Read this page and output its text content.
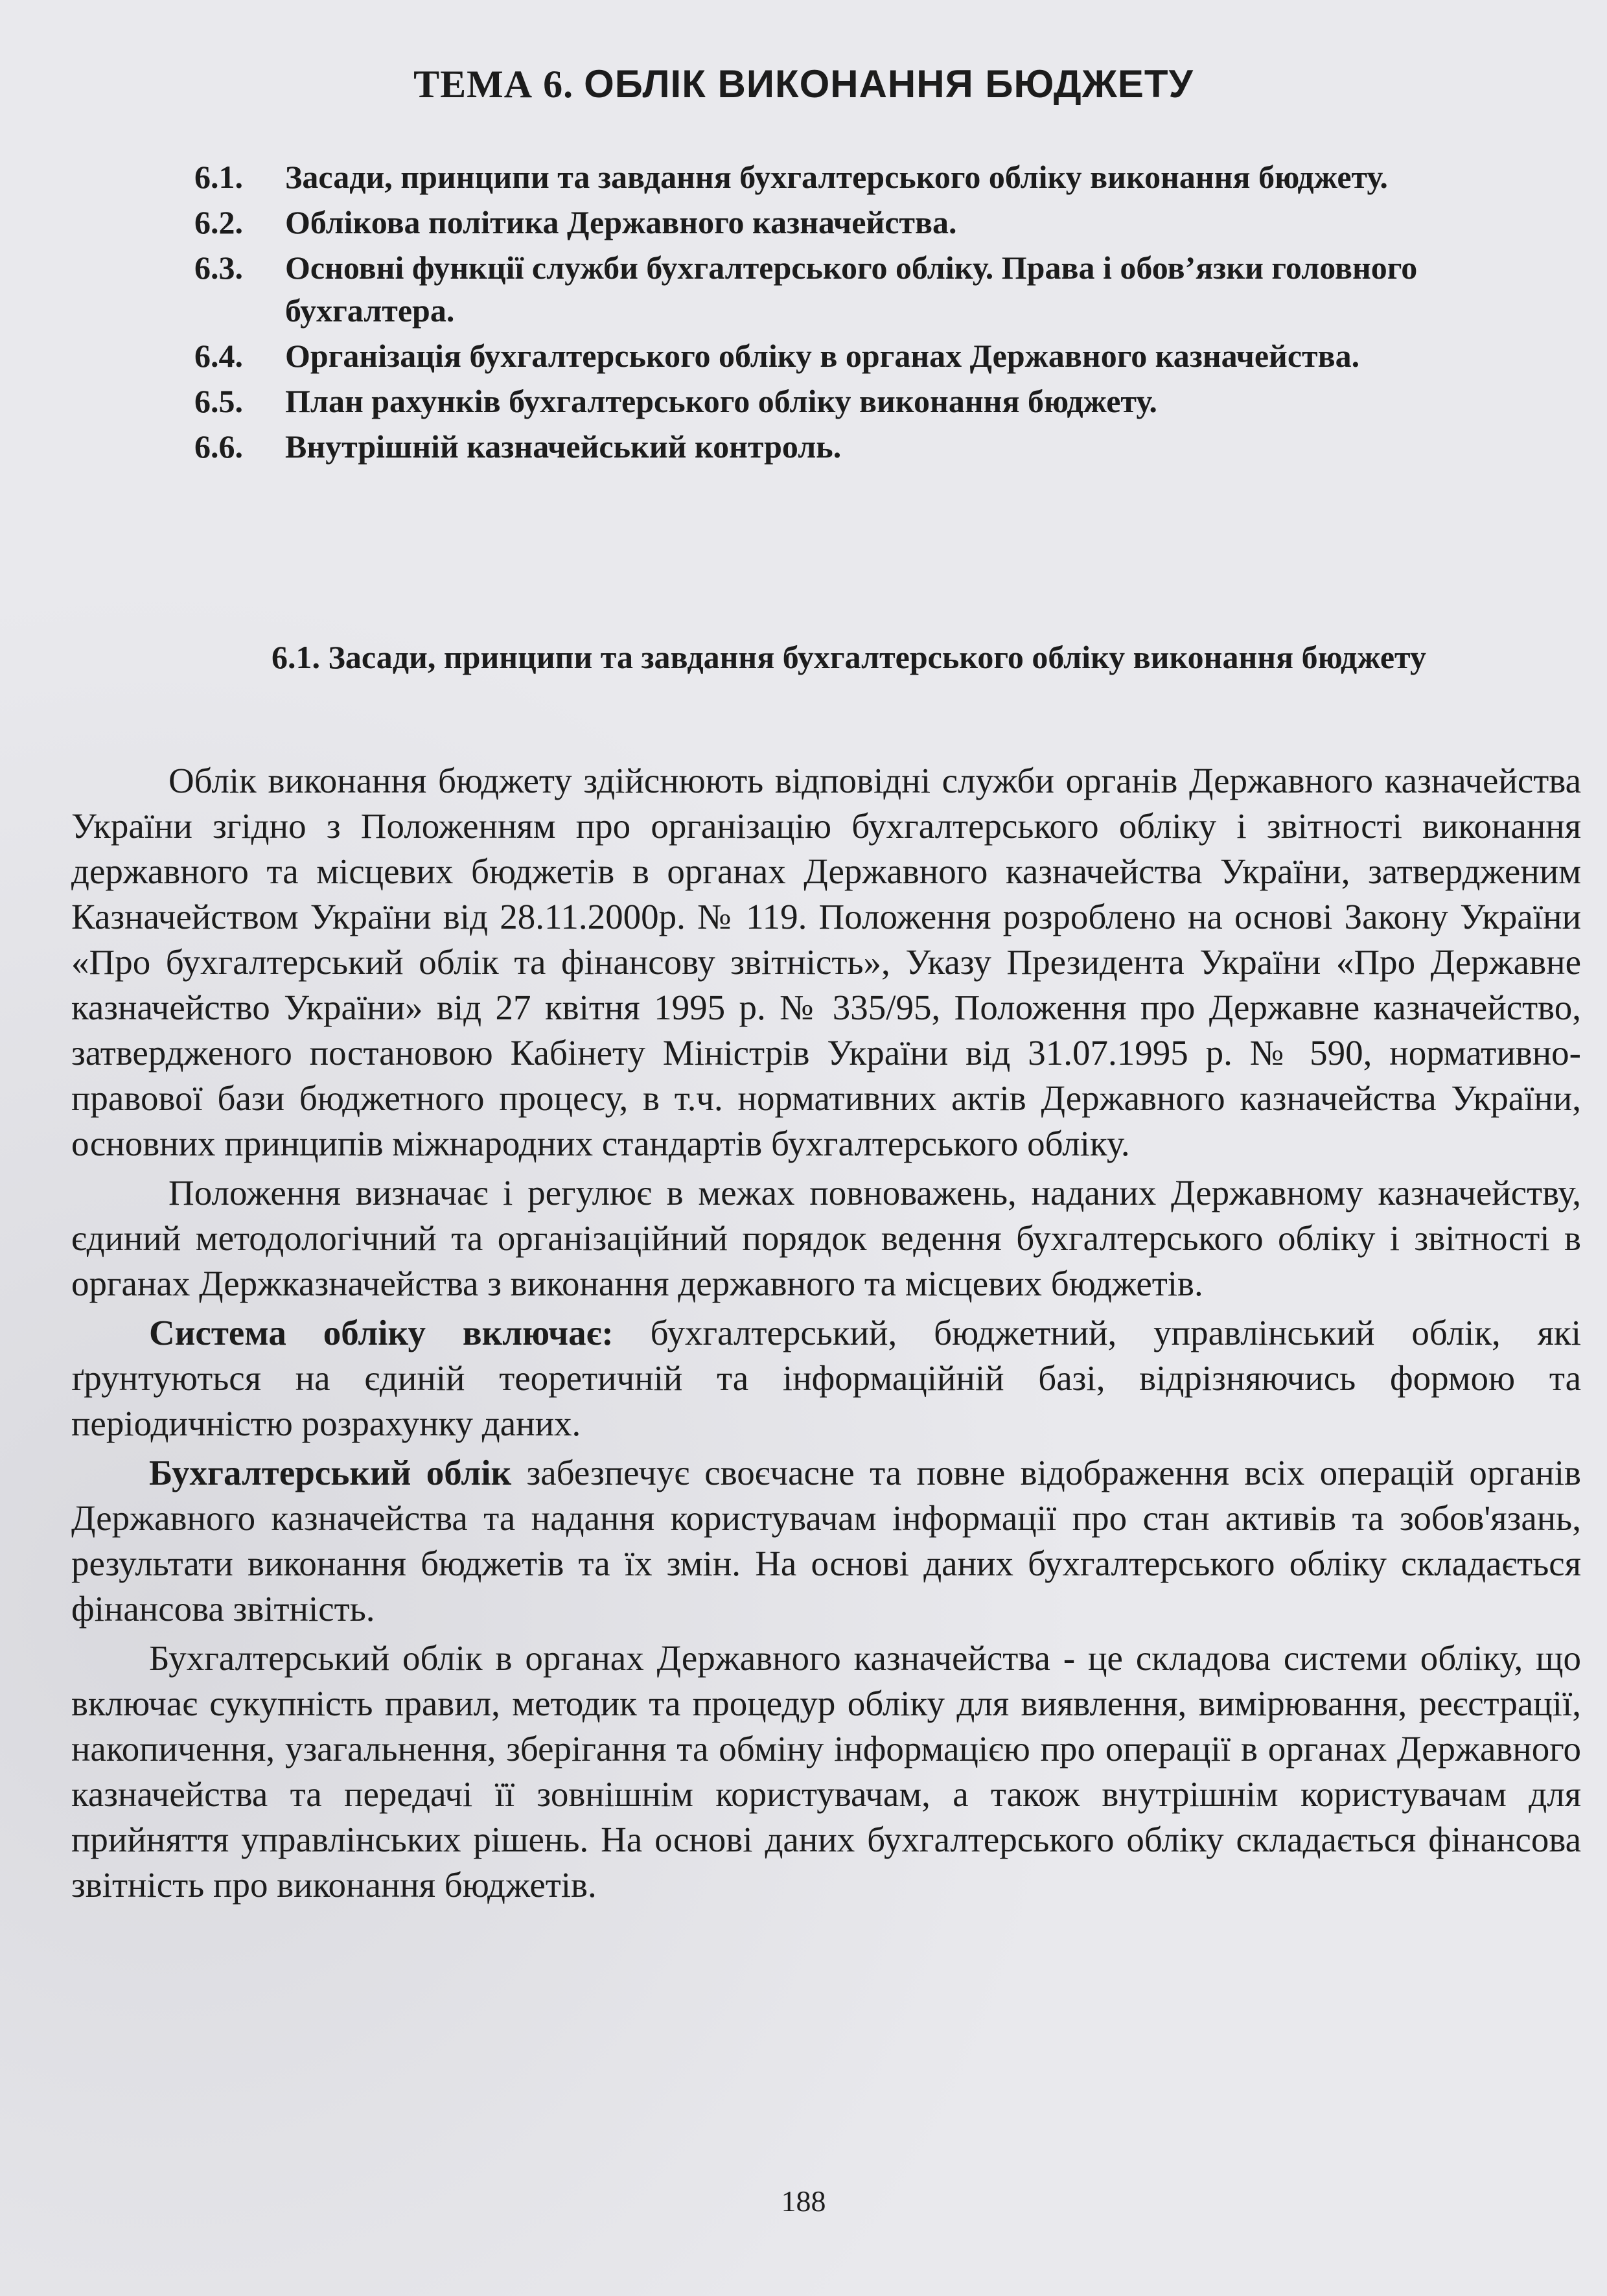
ТЕМА 6. ОБЛІК ВИКОНАННЯ БЮДЖЕТУ
6.1.	Засади, принципи та завдання бухгалтерського обліку виконання бюджету.
6.2.	Облікова політика Державного казначейства.
6.3.	Основні функції служби бухгалтерського обліку. Права і обов’язки головного бухгалтера.
6.4.	Організація бухгалтерського обліку в органах Державного казначейства.
6.5.	План рахунків бухгалтерського обліку виконання бюджету.
6.6.	Внутрішній казначейський контроль.
6.1. Засади, принципи та завдання бухгалтерського обліку виконання бюджету

Облік виконання бюджету здійснюють відповідні служби органів Державного казначейства України згідно з Положенням про організацію бухгалтерського обліку і звітності виконання державного та місцевих бюджетів в органах Державного казначейства України, затвердженим Казначейством України від 28.11.2000р. № 119. Положення розроблено на основі Закону України «Про бухгалтерський облік та фінансову звітність», Указу Президента України «Про Державне казначейство України» від 27 квітня 1995 р. № 335/95, Положення про Державне казначейство, затвердженого постановою Кабінету Міністрів України від 31.07.1995 р. № 590, нормативно-правової бази бюджетного процесу, в т.ч. нормативних актів Державного казначейства України, основних принципів міжнародних стандартів бухгалтерського обліку.

Положення визначає і регулює в межах повноважень, наданих Державному казначейству, єдиний методологічний та організаційний порядок ведення бухгалтерського обліку і звітності в органах Держказначейства з виконання державного та місцевих бюджетів.

Система обліку включає: бухгалтерський, бюджетний, управлінський облік, які ґрунтуються на єдиній теоретичній та інформаційній базі, відрізняючись формою та періодичністю розрахунку даних.

Бухгалтерський облік забезпечує своєчасне та повне відображення всіх операцій органів Державного казначейства та надання користувачам інформації про стан активів та зобов'язань, результати виконання бюджетів та їх змін. На основі даних бухгалтерського обліку складається фінансова звітність.

Бухгалтерський облік в органах Державного казначейства - це складова системи обліку, що включає сукупність правил, методик та процедур обліку для виявлення, вимірювання, реєстрації, накопичення, узагальнення, зберігання та обміну інформацією про операції в органах Державного казначейства та передачі її зовнішнім користувачам, а також внутрішнім користувачам для прийняття управлінських рішень. На основі даних бухгалтерського обліку складається фінансова звітність про виконання бюджетів.

188
